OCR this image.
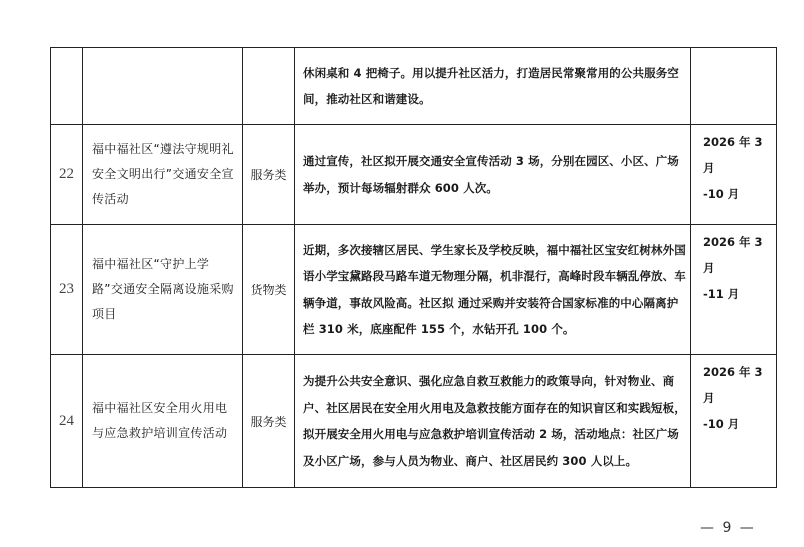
			休闲桌和 4 把椅子。用以提升社区活力，打造居民常聚常用的公共服务空间，推动社区和谐建设。	

22	福中福社区“遵法守规明礼安全文明出行”交通安全宣传活动	服务类	通过宣传，社区拟开展交通安全宣传活动 3 场，分别在园区、小区、广场举办，预计每场辐射群众 600 人次。	2026 年 3 月
-10 月

23	福中福社区“守护上学路”交通安全隔离设施采购项目	货物类	近期，多次接辖区居民、学生家长及学校反映，福中福社区宝安红树林外国语小学宝黛路段马路车道无物理分隔，机非混行，高峰时段车辆乱停放、车辆争道，事故风险高。社区拟 通过采购并安装符合国家标准的中心隔离护栏 310 米，底座配件 155 个，水钻开孔 100 个。	2026 年 3 月
-11 月

24	福中福社区安全用火用电与应急救护培训宣传活动	服务类	为提升公共安全意识、强化应急自救互救能力的政策导向，针对物业、商户、社区居民在安全用火用电及急救技能方面存在的知识盲区和实践短板，拟开展安全用火用电与应急救护培训宣传活动 2 场，活动地点：社区广场及小区广场，参与人员为物业、商户、社区居民约 300 人以上。	2026 年 3 月
-10 月
— 9 —
